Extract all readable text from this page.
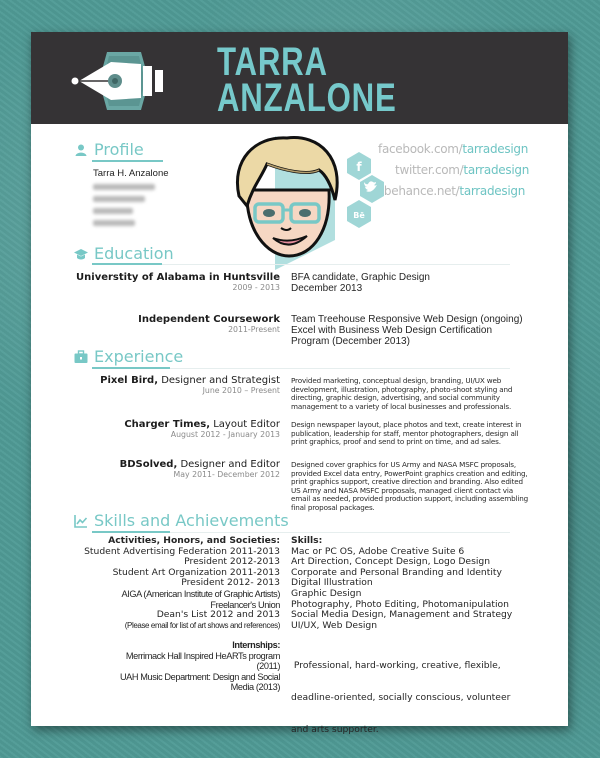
TARRA
ANZALONE
Profile
Tarra H. Anzalone	f
Bē
facebook.com/tarradesign
twitter.com/tarradesign
behance.net/tarradesign
Education
Universtity of Alabama in Huntsville
2009 - 2013
BFA candidate, Graphic Design
December 2013
Independent Coursework
2011-Present
Team Treehouse Responsive Web Design (ongoing)
Excel with Business Web Design Certification
Program (December 2013)
Experience
Pixel Bird, Designer and Strategist
June 2010 – Present
Provided marketing, conceptual design, branding, UI/UX web development, illustration, photography, photo-shoot styling and directing, graphic design, advertising, and social community management to a variety of local businesses and professionals.
Charger Times, Layout Editor
August 2012 - January 2013
Design newspaper layout, place photos and text, create interest in publication, leadership for staff, mentor photographers, design all print graphics, proof and send to print on time, and ad sales.
BDSolved, Designer and Editor
May 2011- December 2012
Designed cover graphics for US Army and NASA MSFC proposals, provided Excel data entry, PowerPoint graphics creation and editing, print graphics support, creative direction and branding. Also edited US Army and NASA MSFC proposals, managed client contact via email as needed, provided production support, including assembling final proposal packages.
Skills and Achievements
Activities, Honors, and Societies:
Student Advertising Federation 2011-2013
President 2012-2013
Student Art Organization 2011-2013
President 2012- 2013
AIGA (American Institute of Graphic Artists)
Freelancer's Union
Dean's List 2012 and 2013
(Please email for list of art shows and references)
Skills:
Mac or PC OS, Adobe Creative Suite 6
Art Direction, Concept Design, Logo Design
Corporate and Personal Branding and Identity
Digital Illustration
Graphic Design
Photography, Photo Editing, Photomanipulation
Social Media Design, Management and Strategy
UI/UX, Web Design
Internships:
Merrimack Hall Inspired HeARTs program
(2011)
UAH Music Department: Design and Social
Media (2013)

Professional, hard-working, creative, flexible,

deadline-oriented, socially conscious, volunteer

and arts supporter.
